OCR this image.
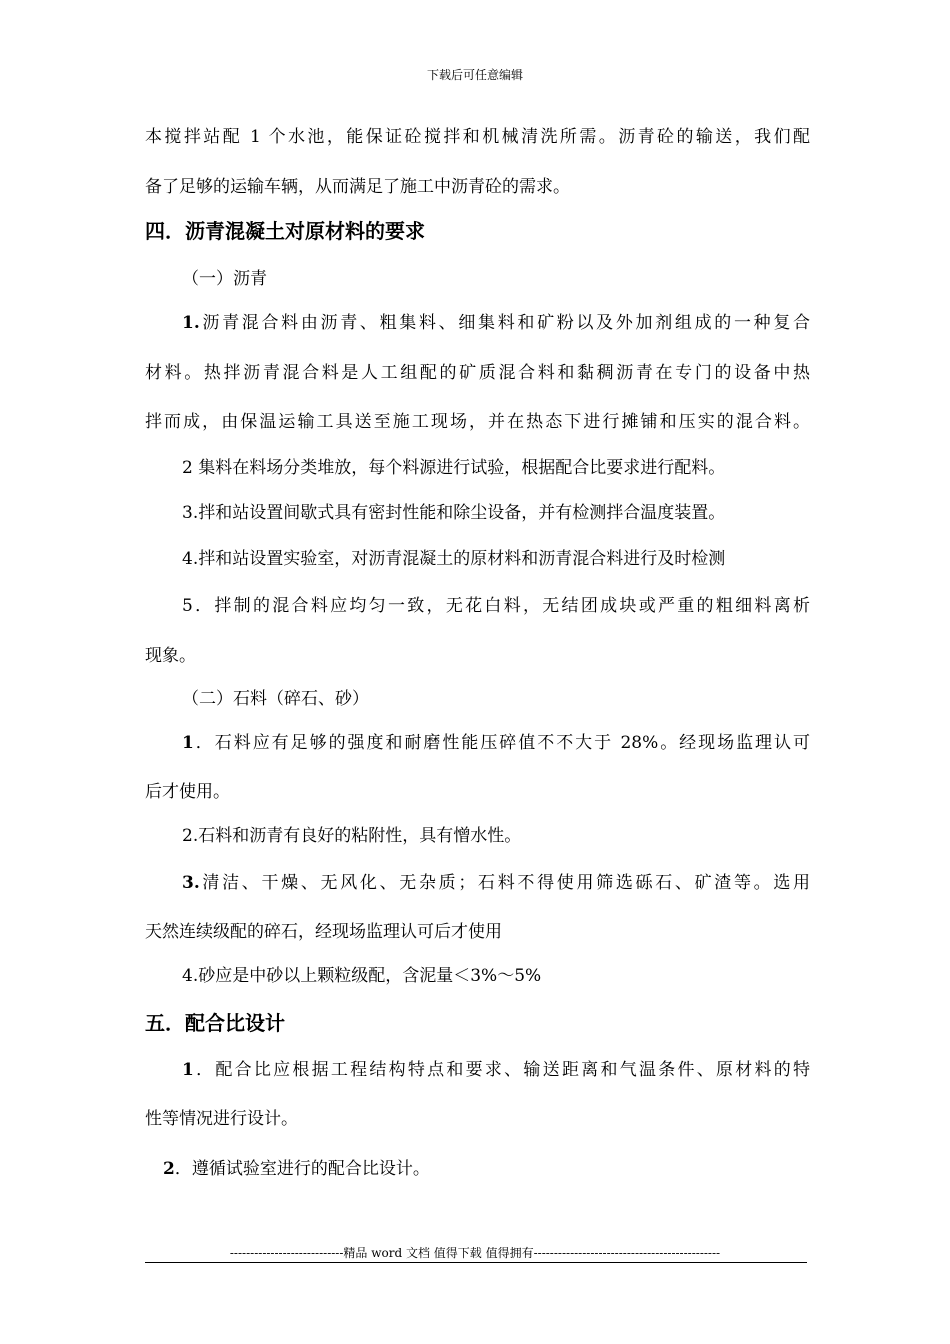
下载后可任意编辑
本搅拌站配 1 个水池，能保证砼搅拌和机械清洗所需。沥青砼的输送，我们配
备了足够的运输车辆，从而满足了施工中沥青砼的需求。
四．沥青混凝土对原材料的要求
（一）沥青
1.沥青混合料由沥青、粗集料、细集料和矿粉以及外加剂组成的一种复合
材料。热拌沥青混合料是人工组配的矿质混合料和黏稠沥青在专门的设备中热
拌而成，由保温运输工具送至施工现场，并在热态下进行摊铺和压实的混合料。
2 集料在料场分类堆放，每个料源进行试验，根据配合比要求进行配料。
3.拌和站设置间歇式具有密封性能和除尘设备，并有检测拌合温度装置。
4.拌和站设置实验室，对沥青混凝土的原材料和沥青混合料进行及时检测
5．拌制的混合料应均匀一致，无花白料，无结团成块或严重的粗细料离析
现象。
（二）石料（碎石、砂）
1．石料应有足够的强度和耐磨性能压碎值不不大于 28%。经现场监理认可
后才使用。
2.石料和沥青有良好的粘附性，具有憎水性。
3.清洁、干燥、无风化、无杂质；石料不得使用筛选砾石、矿渣等。选用
天然连续级配的碎石，经现场监理认可后才使用
4.砂应是中砂以上颗粒级配，含泥量＜3%～5%
五．配合比设计
1．配合比应根据工程结构特点和要求、输送距离和气温条件、原材料的特
性等情况进行设计。
2．遵循试验室进行的配合比设计。
----------------------------精品 word 文档 值得下载 值得拥有----------------------------------------------
